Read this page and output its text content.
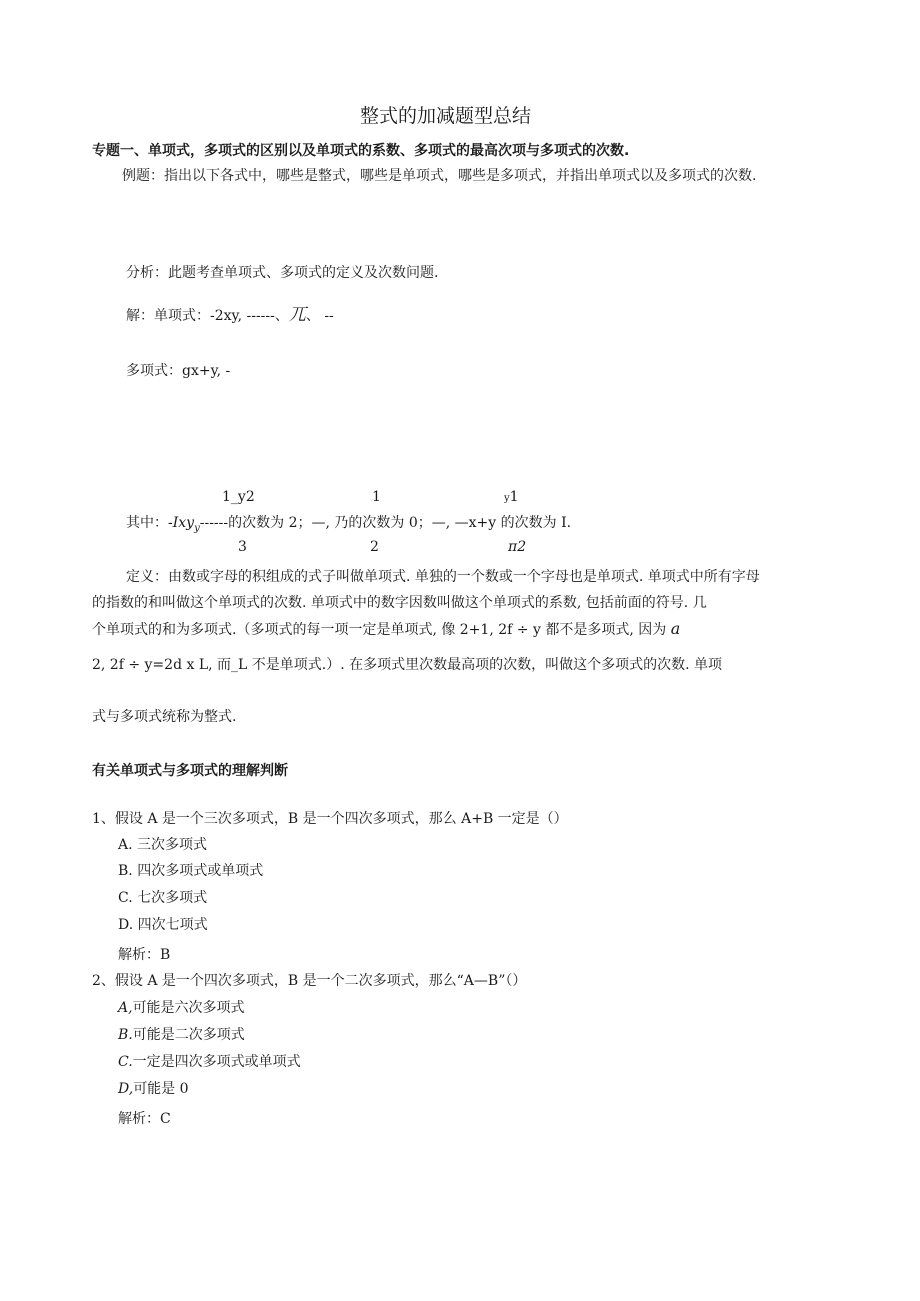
整式的加减题型总结
专题一、单项式，多项式的区别以及单项式的系数、多项式的最高次项与多项式的次数.
例题：指出以下各式中，哪些是整式，哪些是单项式，哪些是多项式，并指出单项式以及多项式的次数.
分析：此题考查单项式、多项式的定义及次数问题.
解：单项式：-2xy, ------、兀、 --
多项式：gx+y, -
1_y2	1	y1
其中：-Ixy$_y$------的次数为 2；—, 乃的次数为 0；—, —x+y 的次数为 I.
3	2	π2
定义：由数或字母的积组成的式子叫做单项式. 单独的一个数或一个字母也是单项式. 单项式中所有字母
的指数的和叫做这个单项式的次数. 单项式中的数字因数叫做这个单项式的系数, 包括前面的符号. 几
个单项式的和为多项式.（多项式的每一项一定是单项式, 像 2+1, 2f ÷ y 都不是多项式, 因为 a
2, 2f ÷ y=2d x L, 而_L 不是单项式.）. 在多项式里次数最高项的次数，叫做这个多项式的次数. 单项
式与多项式统称为整式.
有关单项式与多项式的理解判断
1、假设 A 是一个三次多项式，B 是一个四次多项式，那么 A+B 一定是（）
A. 三次多项式
B. 四次多项式或单项式
C. 七次多项式
D. 四次七项式
解析：B
2、假设 A 是一个四次多项式，B 是一个二次多项式，那么“A—B”（）
A,可能是六次多项式
B.可能是二次多项式
C.一定是四次多项式或单项式
D,可能是 0
解析：C
